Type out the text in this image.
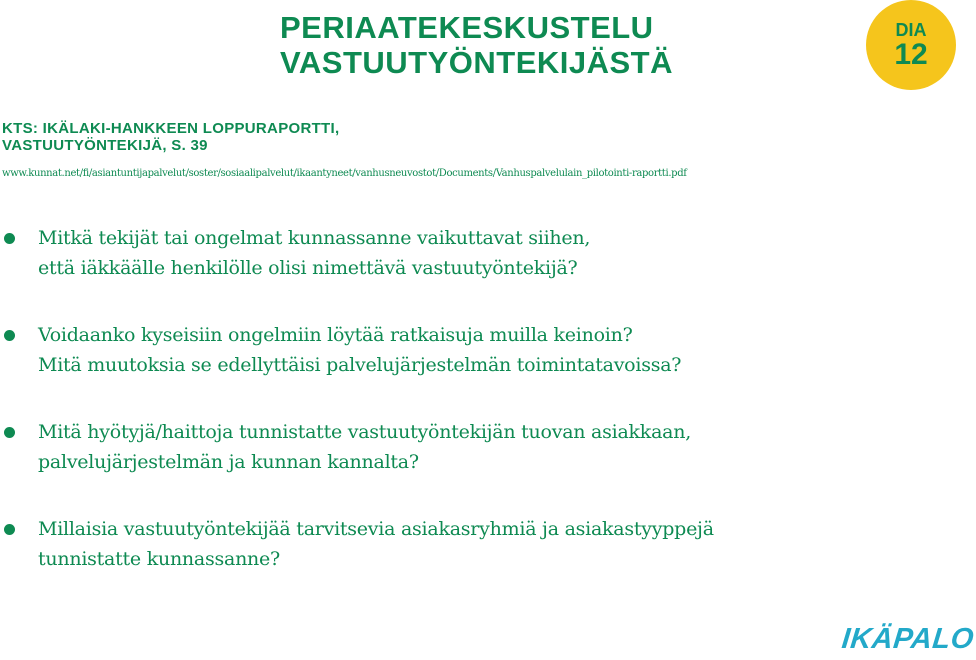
PERIAATEKESKUSTELU
VASTUUTYÖNTEKIJÄSTÄ
DIA
12

KTS: IKÄLAKI-HANKKEEN LOPPURAPORTTI,
VASTUUTYÖNTEKIJÄ, S. 39

www.kunnat.net/fi/asiantuntijapalvelut/soster/sosiaalipalvelut/ikaantyneet/vanhusneuvostot/Documents/Vanhuspalvelulain_pilotointi-raportti.pdf
Mitkä tekijät tai ongelmat kunnassanne vaikuttavat siihen,
että iäkkäälle henkilölle olisi nimettävä vastuutyöntekijä?
Voidaanko kyseisiin ongelmiin löytää ratkaisuja muilla keinoin?
Mitä muutoksia se edellyttäisi palvelujärjestelmän toimintatavoissa?
Mitä hyötyjä/haittoja tunnistatte vastuutyöntekijän tuovan asiakkaan,
palvelujärjestelmän ja kunnan kannalta?
Millaisia vastuutyöntekijää tarvitsevia asiakasryhmiä ja asiakastyyppejä
tunnistatte kunnassanne?
IKÄPALO
